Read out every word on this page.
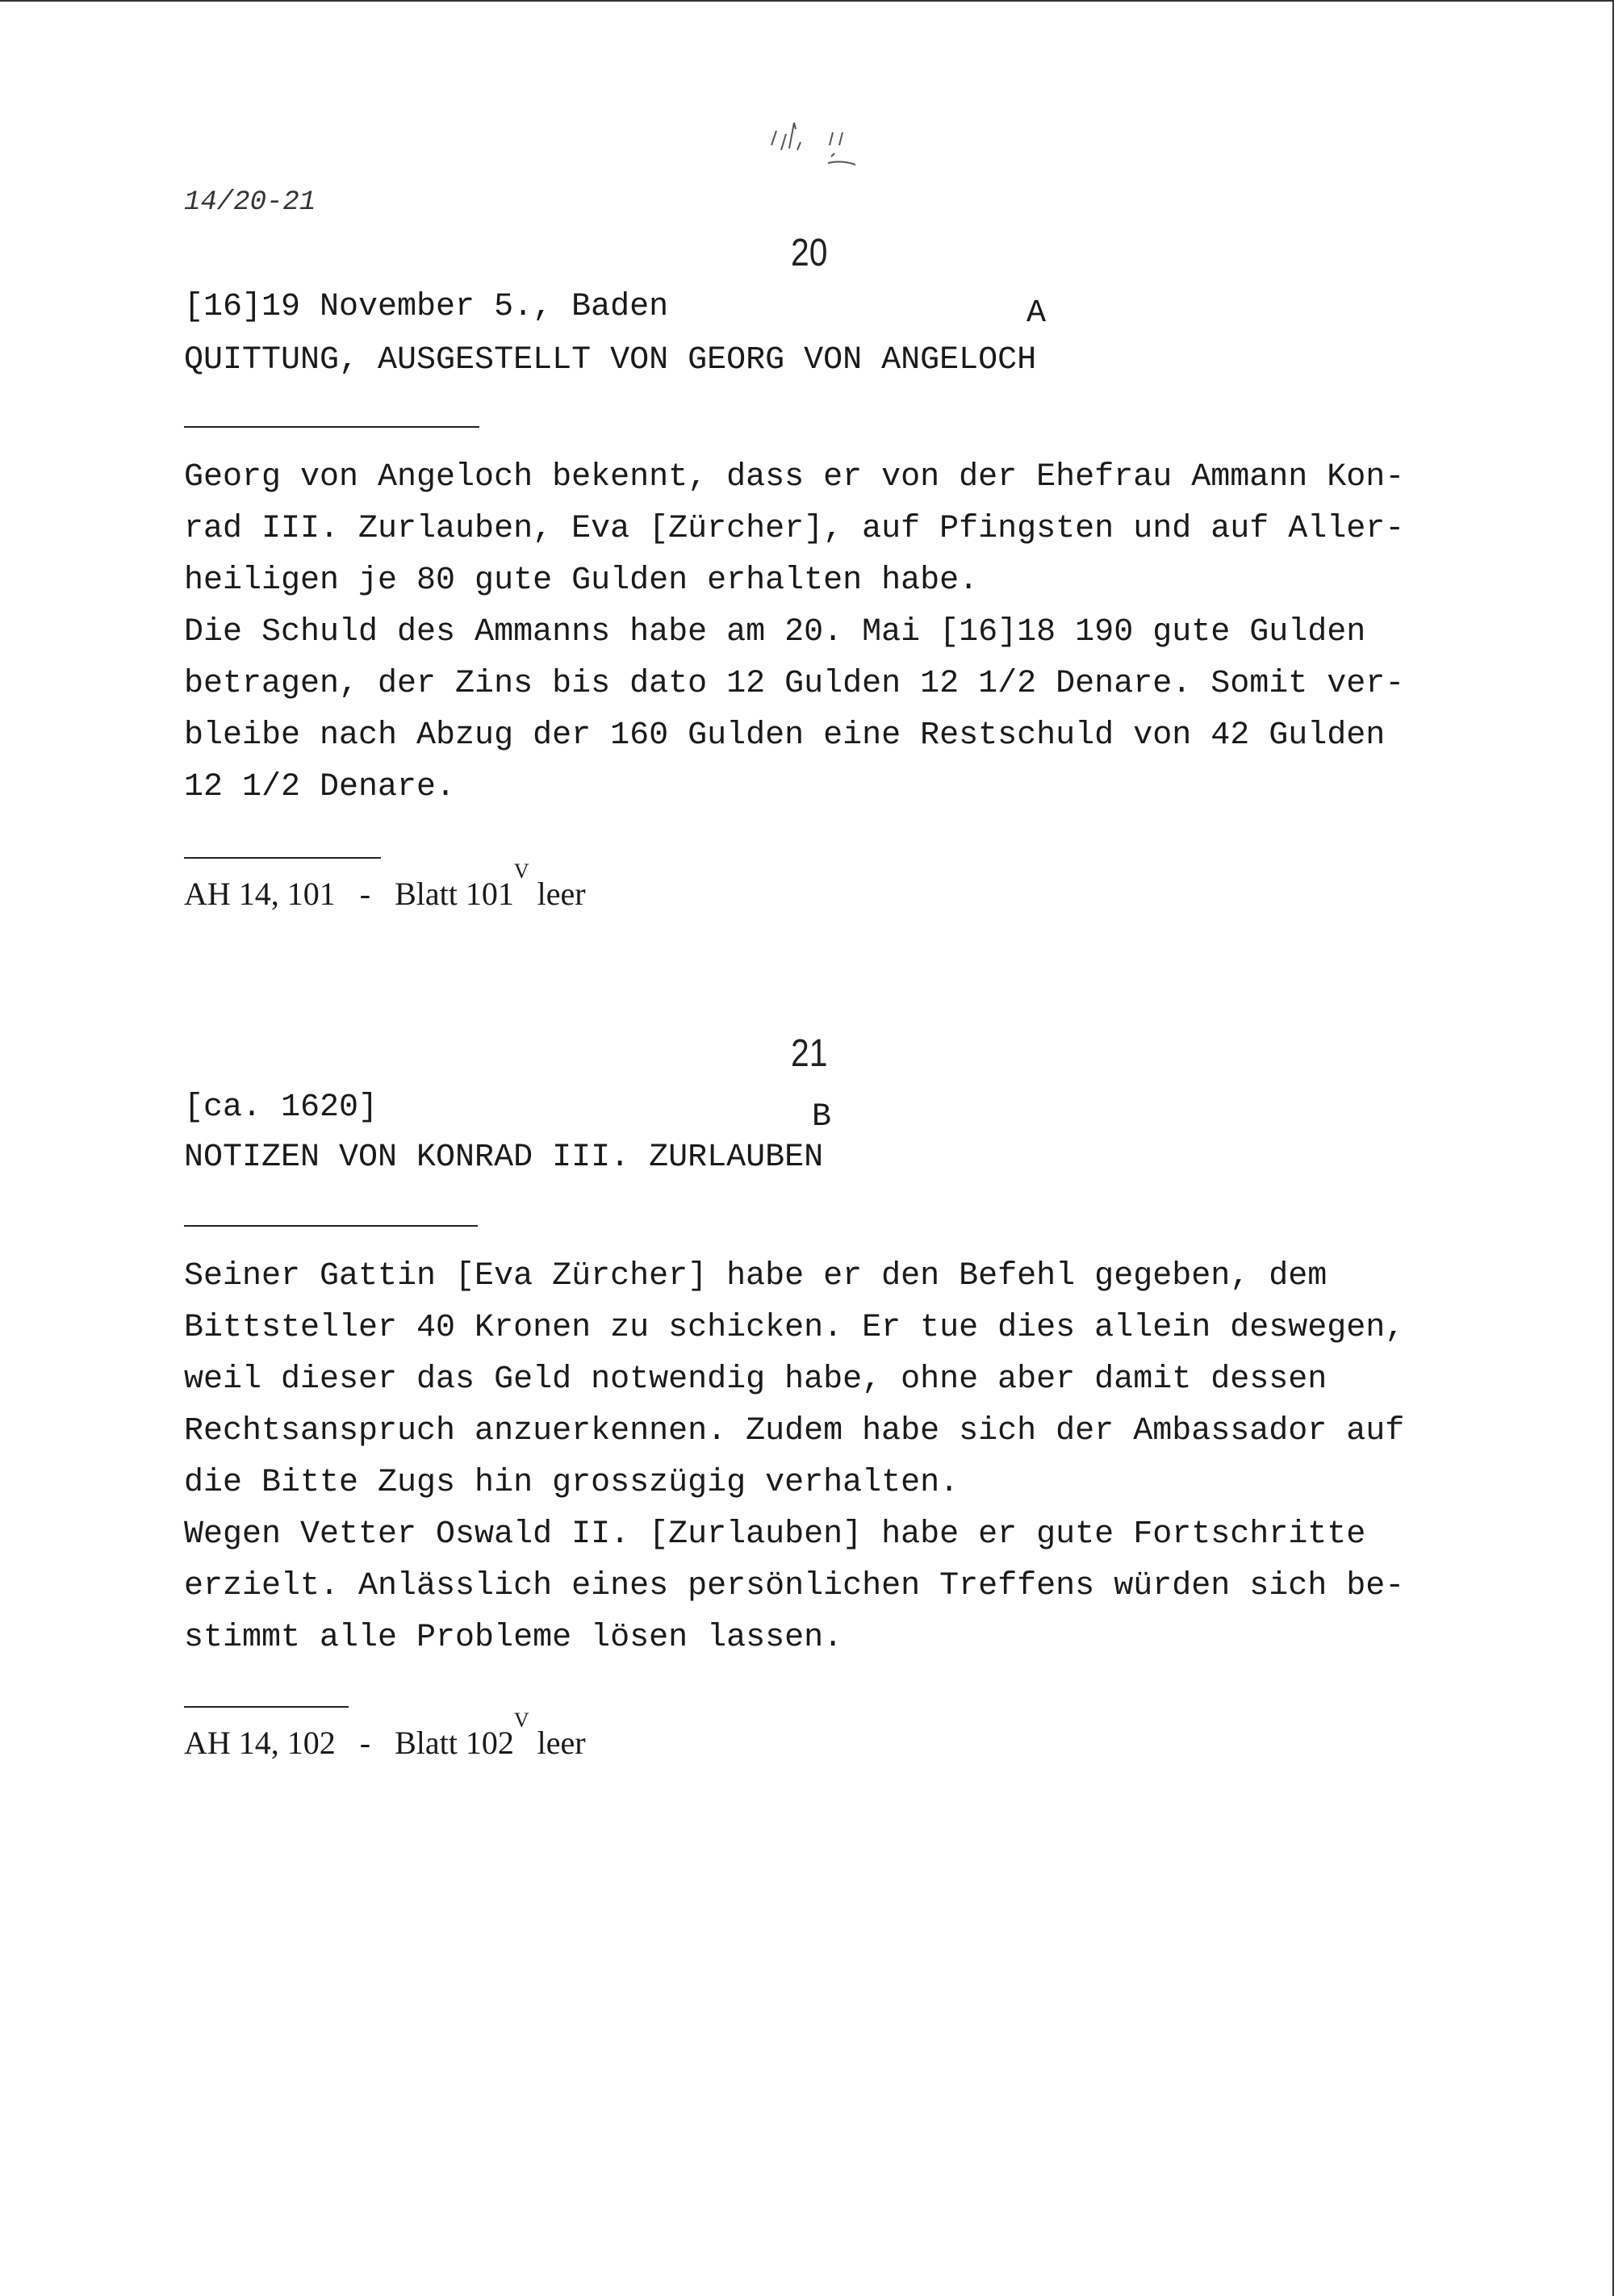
14/20-21
20
[16]19 November 5., Baden	A
QUITTUNG, AUSGESTELLT VON GEORG VON ANGELOCH
Georg von Angeloch bekennt, dass er von der Ehefrau Ammann Kon-
rad III. Zurlauben, Eva [Zürcher], auf Pfingsten und auf Aller-
heiligen je 80 gute Gulden erhalten habe.
Die Schuld des Ammanns habe am 20. Mai [16]18 190 gute Gulden
betragen, der Zins bis dato 12 Gulden 12 1/2 Denare. Somit ver-
bleibe nach Abzug der 160 Gulden eine Restschuld von 42 Gulden
12 1/2 Denare.
AH 14, 101 - Blatt $101^V$ leer
21
[ca. 1620]	B
NOTIZEN VON KONRAD III. ZURLAUBEN
Seiner Gattin [Eva Zürcher] habe er den Befehl gegeben, dem
Bittsteller 40 Kronen zu schicken. Er tue dies allein deswegen,
weil dieser das Geld notwendig habe, ohne aber damit dessen
Rechtsanspruch anzuerkennen. Zudem habe sich der Ambassador auf
die Bitte Zugs hin grosszügig verhalten.
Wegen Vetter Oswald II. [Zurlauben] habe er gute Fortschritte
erzielt. Anlässlich eines persönlichen Treffens würden sich be-
stimmt alle Probleme lösen lassen.
AH 14, 102 - Blatt $102^V$ leer
